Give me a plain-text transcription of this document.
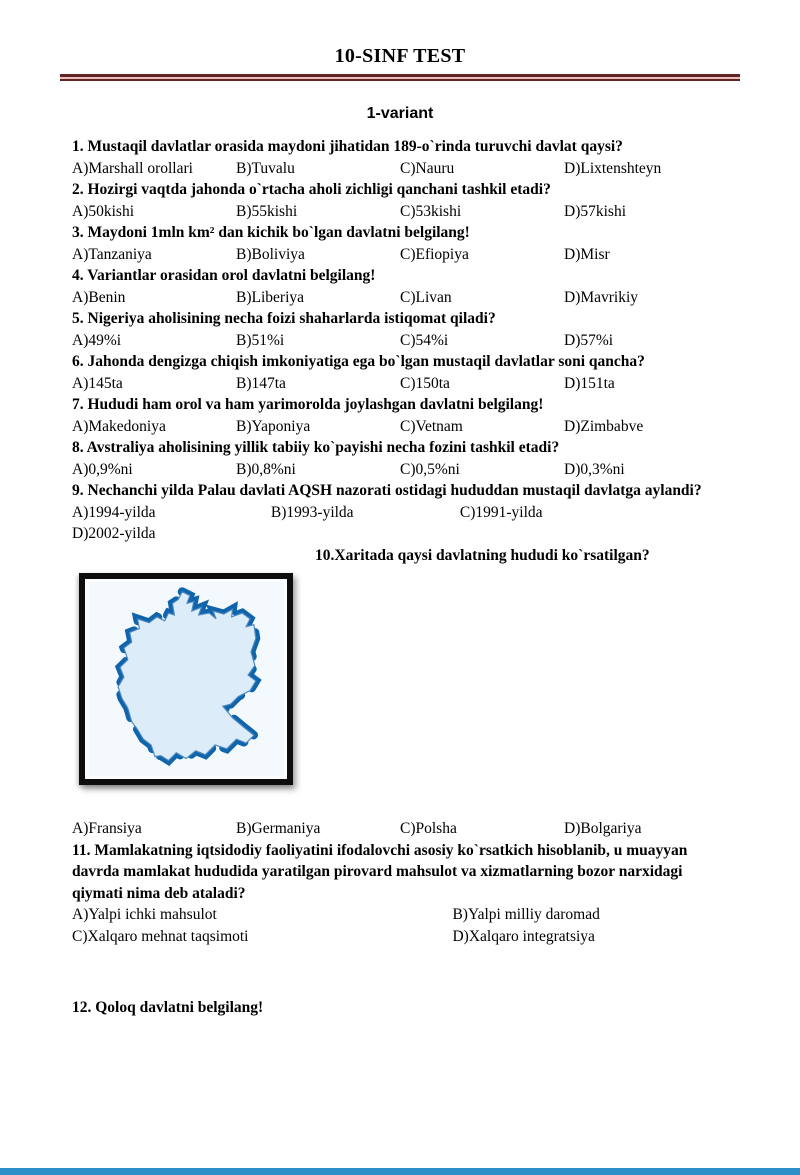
10-SINF TEST
1-variant

1. Mustaqil davlatlar orasida maydoni jihatidan 189-o`rinda turuvchi davlat qaysi?

A)Marshall orollari	B)Tuvalu	C)Nauru	D)Lixtenshteyn

2. Hozirgi vaqtda jahonda o`rtacha aholi zichligi qanchani tashkil etadi?

A)50kishi	B)55kishi	C)53kishi	D)57kishi

3. Maydoni 1mln km² dan kichik bo`lgan davlatni belgilang!

A)Tanzaniya	B)Boliviya	C)Efiopiya	D)Misr

4. Variantlar orasidan orol davlatni belgilang!

A)Benin	B)Liberiya	C)Livan	D)Mavrikiy

5. Nigeriya aholisining necha foizi shaharlarda istiqomat qiladi?

A)49%i	B)51%i	C)54%i	D)57%i

6. Jahonda dengizga chiqish imkoniyatiga ega bo`lgan mustaqil davlatlar soni qancha?

A)145ta	B)147ta	C)150ta	D)151ta

7. Hududi ham orol va ham yarimorolda joylashgan davlatni belgilang!

A)Makedoniya	B)Yaponiya	C)Vetnam	D)Zimbabve

8. Avstraliya aholisining yillik tabiiy ko`payishi necha fozini tashkil etadi?

A)0,9%ni	B)0,8%ni	C)0,5%ni	D)0,3%ni

9. Nechanchi yilda Palau davlati AQSH nazorati ostidagi hududdan mustaqil davlatga aylandi?

A)1994-yilda	B)1993-yilda	C)1991-yilda
D)2002-yilda

10.Xaritada qaysi davlatning hududi ko`rsatilgan?

A)Fransiya	B)Germaniya	C)Polsha	D)Bolgariya

11. Mamlakatning iqtsidodiy faoliyatini ifodalovchi asosiy ko`rsatkich hisoblanib, u muayyan davrda mamlakat hududida yaratilgan pirovard mahsulot va xizmatlarning bozor narxidagi qiymati nima deb ataladi?

A)Yalpi ichki mahsulot	B)Yalpi milliy daromad
C)Xalqaro mehnat taqsimoti	D)Xalqaro integratsiya

12. Qoloq davlatni belgilang!
